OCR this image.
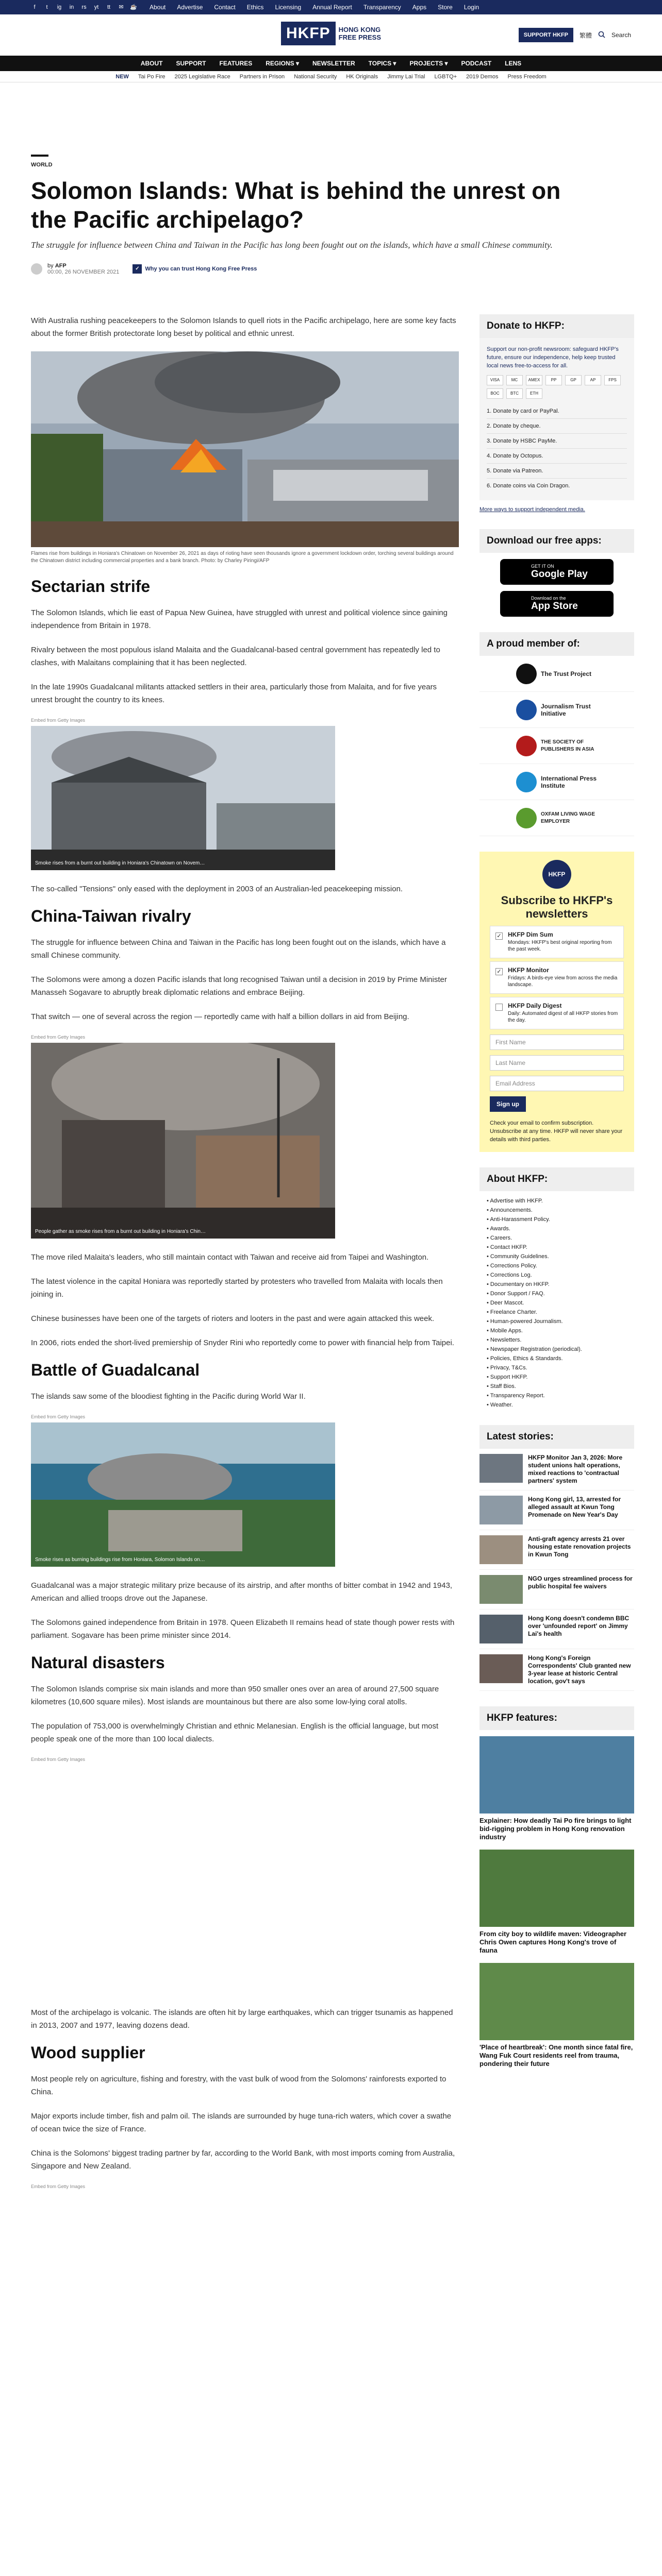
f	t	ig in rs yt	tt	✉ ☕ About Advertise Contact Ethics Licensing Annual Report Transparency Apps Store Login
HKFP	HONG KONG
FREE PRESS	SUPPORT HKFP	繁體	Search
ABOUT SUPPORT FEATURES REGIONS ▾ NEWSLETTER TOPICS ▾ PROJECTS ▾ PODCAST LENS
NEW Tai Po Fire 2025 Legislative Race Partners in Prison National Security HK Originals Jimmy Lai Trial LGBTQ+ 2019 Demos Press Freedom
WORLD
Solomon Islands: What is behind the unrest on the Pacific archipelago?
The struggle for influence between China and Taiwan in the Pacific has long been fought out on the islands, which have a small Chinese community.
by AFP
00:00, 26 NOVEMBER 2021
✓ Why you can trust Hong Kong Free Press

With Australia rushing peacekeepers to the Solomon Islands to quell riots in the Pacific archipelago, here are some key facts about the former British protectorate long beset by political and ethnic unrest.

Flames rise from buildings in Honiara's Chinatown on November 26, 2021 as days of rioting have seen thousands ignore a government lockdown order, torching several buildings around the Chinatown district including commercial properties and a bank branch. Photo: by Charley Piringi/AFP
Sectarian strife

The Solomon Islands, which lie east of Papua New Guinea, have struggled with unrest and political violence since gaining independence from Britain in 1978.

Rivalry between the most populous island Malaita and the Guadalcanal-based central government has repeatedly led to clashes, with Malaitans complaining that it has been neglected.

In the late 1990s Guadalcanal militants attacked settlers in their area, particularly those from Malaita, and for five years unrest brought the country to its knees.

Embed from Getty Images
Smoke rises from a burnt out building in Honiara's Chinatown on Novem…

The so-called "Tensions" only eased with the deployment in 2003 of an Australian-led peacekeeping mission.

China-Taiwan rivalry

The struggle for influence between China and Taiwan in the Pacific has long been fought out on the islands, which have a small Chinese community.

The Solomons were among a dozen Pacific islands that long recognised Taiwan until a decision in 2019 by Prime Minister Manasseh Sogavare to abruptly break diplomatic relations and embrace Beijing.

That switch — one of several across the region — reportedly came with half a billion dollars in aid from Beijing.

Embed from Getty Images
People gather as smoke rises from a burnt out building in Honiara's Chin…

The move riled Malaita's leaders, who still maintain contact with Taiwan and receive aid from Taipei and Washington.

The latest violence in the capital Honiara was reportedly started by protesters who travelled from Malaita with locals then joining in.

Chinese businesses have been one of the targets of rioters and looters in the past and were again attacked this week.

In 2006, riots ended the short-lived premiership of Snyder Rini who reportedly come to power with financial help from Taipei.

Battle of Guadalcanal

The islands saw some of the bloodiest fighting in the Pacific during World War II.

Embed from Getty Images
Smoke rises as burning buildings rise from Honiara, Solomon Islands on…

Guadalcanal was a major strategic military prize because of its airstrip, and after months of bitter combat in 1942 and 1943, American and allied troops drove out the Japanese.

The Solomons gained independence from Britain in 1978. Queen Elizabeth II remains head of state though power rests with parliament. Sogavare has been prime minister since 2014.

Natural disasters

The Solomon Islands comprise six main islands and more than 950 smaller ones over an area of around 27,500 square kilometres (10,600 square miles). Most islands are mountainous but there are also some low-lying coral atolls.

The population of 753,000 is overwhelmingly Christian and ethnic Melanesian. English is the official language, but most people speak one of the more than 100 local dialects.

Embed from Getty Images

Most of the archipelago is volcanic. The islands are often hit by large earthquakes, which can trigger tsunamis as happened in 2013, 2007 and 1977, leaving dozens dead.

Wood supplier

Most people rely on agriculture, fishing and forestry, with the vast bulk of wood from the Solomons' rainforests exported to China.

Major exports include timber, fish and palm oil. The islands are surrounded by huge tuna-rich waters, which cover a swathe of ocean twice the size of France.

China is the Solomons' biggest trading partner by far, according to the World Bank, with most imports coming from Australia, Singapore and New Zealand.

Embed from Getty Images
Donate to HKFP:

Support our non-profit newsroom: safeguard HKFP's future, ensure our independence, help keep trusted local news free-to-access for all.

VISA	MC	AMEX	PP	GP	AP	FPS
BOC	BTC	ETH
1. Donate by card or PayPal.
2. Donate by cheque.
3. Donate by HSBC PayMe.
4. Donate by Octopus.
5. Donate via Patreon.
6. Donate coins via Coin Dragon.

More ways to support independent media.

Download our free apps:
GET IT ON
Google Play
Download on the
App Store
A proud member of:
The Trust Project
Journalism Trust Initiative
THE SOCIETY OF PUBLISHERS IN ASIA
International Press Institute
OXFAM LIVING WAGE EMPLOYER
HKFP
Subscribe to HKFP's newsletters
✓ HKFP Dim Sum
Mondays: HKFP's best original reporting from the past week.
✓ HKFP Monitor
Fridays: A birds-eye view from across the media landscape.
HKFP Daily Digest
Daily: Automated digest of all HKFP stories from the day.
First Name
Last Name
Email Address
Sign up

Check your email to confirm subscription. Unsubscribe at any time. HKFP will never share your details with third parties.

About HKFP:
• Advertise with HKFP.
• Announcements.
• Anti-Harassment Policy.
• Awards.
• Careers.
• Contact HKFP.
• Community Guidelines.
• Corrections Policy.
• Corrections Log.
• Documentary on HKFP.
• Donor Support / FAQ.
• Deer Mascot.
• Freelance Charter.
• Human-powered Journalism.
• Mobile Apps.
• Newsletters.
• Newspaper Registration (periodical).
• Policies, Ethics & Standards.
• Privacy, T&Cs.
• Support HKFP.
• Staff Bios.
• Transparency Report.
• Weather.
Latest stories:
HKFP Monitor Jan 3, 2026: More student unions halt operations, mixed reactions to 'contractual partners' system
Hong Kong girl, 13, arrested for alleged assault at Kwun Tong Promenade on New Year's Day
Anti-graft agency arrests 21 over housing estate renovation projects in Kwun Tong
NGO urges streamlined process for public hospital fee waivers
Hong Kong doesn't condemn BBC over 'unfounded report' on Jimmy Lai's health
Hong Kong's Foreign Correspondents' Club granted new 3-year lease at historic Central location, gov't says
HKFP features:
Explainer: How deadly Tai Po fire brings to light bid-rigging problem in Hong Kong renovation industry
From city boy to wildlife maven: Videographer Chris Owen captures Hong Kong's trove of fauna
'Place of heartbreak': One month since fatal fire, Wang Fuk Court residents reel from trauma, pondering their future
